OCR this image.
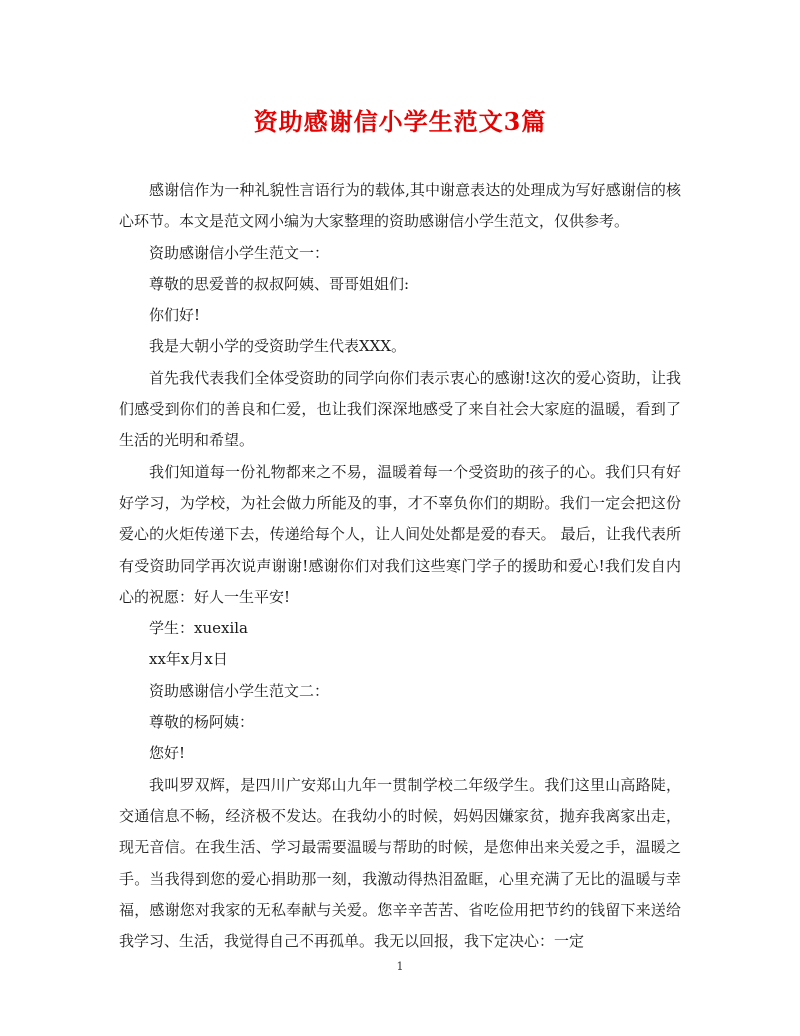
资助感谢信小学生范文3篇

感谢信作为一种礼貌性言语行为的载体,其中谢意表达的处理成为写好感谢信的核心环节。本文是范文网小编为大家整理的资助感谢信小学生范文，仅供参考。

资助感谢信小学生范文一：

尊敬的思爱普的叔叔阿姨、哥哥姐姐们:

你们好!

我是大朝小学的受资助学生代表XXX。

首先我代表我们全体受资助的同学向你们表示衷心的感谢!这次的爱心资助，让我们感受到你们的善良和仁爱，也让我们深深地感受了来自社会大家庭的温暖，看到了生活的光明和希望。

我们知道每一份礼物都来之不易，温暖着每一个受资助的孩子的心。我们只有好好学习，为学校，为社会做力所能及的事，才不辜负你们的期盼。我们一定会把这份爱心的火炬传递下去，传递给每个人，让人间处处都是爱的春天。 最后，让我代表所有受资助同学再次说声谢谢!感谢你们对我们这些寒门学子的援助和爱心!我们发自内心的祝愿：好人一生平安!

学生：xuexila

xx年x月x日

资助感谢信小学生范文二：

尊敬的杨阿姨：

您好!

我叫罗双辉，是四川广安郑山九年一贯制学校二年级学生。我们这里山高路陡，交通信息不畅，经济极不发达。在我幼小的时候，妈妈因嫌家贫，抛弃我离家出走，现无音信。在我生活、学习最需要温暖与帮助的时候，是您伸出来关爱之手，温暖之手。当我得到您的爱心捐助那一刻，我激动得热泪盈眶，心里充满了无比的温暖与幸福，感谢您对我家的无私奉献与关爱。您辛辛苦苦、省吃俭用把节约的钱留下来送给我学习、生活，我觉得自己不再孤单。我无以回报，我下定决心：一定

1
